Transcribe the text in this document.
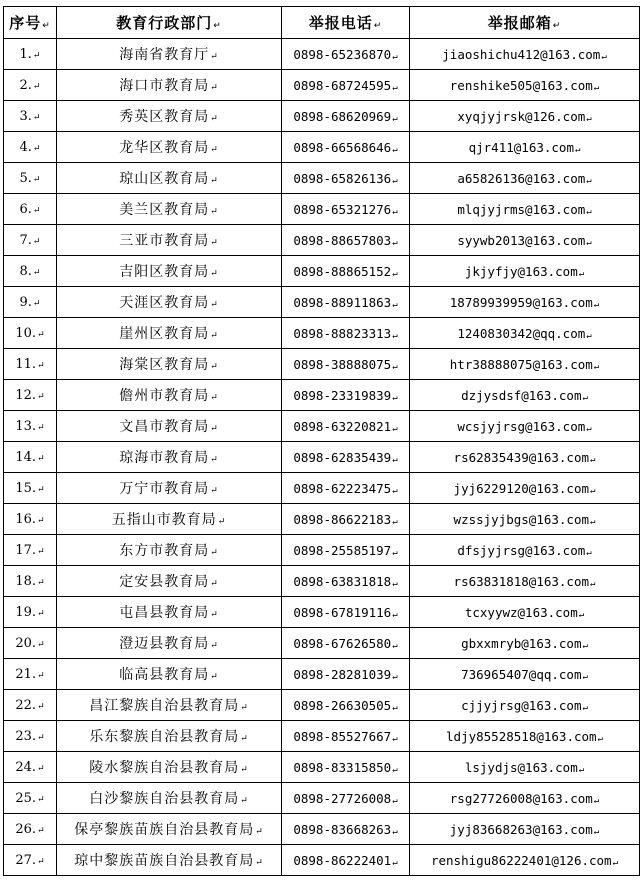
序号↵	教育行政部门↵	举报电话↵	举报邮箱↵
1.↵	海南省教育厅↵	0898-65236870↵	jiaoshichu412@163.com↵
2.↵	海口市教育局↵	0898-68724595↵	renshike505@163.com↵
3.↵	秀英区教育局↵	0898-68620969↵	xyqjyjrsk@126.com↵
4.↵	龙华区教育局↵	0898-66568646↵	qjr411@163.com↵
5.↵	琼山区教育局↵	0898-65826136↵	a65826136@163.com↵
6.↵	美兰区教育局↵	0898-65321276↵	mlqjyjrms@163.com↵
7.↵	三亚市教育局↵	0898-88657803↵	syywb2013@163.com↵
8.↵	吉阳区教育局↵	0898-88865152↵	jkjyfjy@163.com↵
9.↵	天涯区教育局↵	0898-88911863↵	18789939959@163.com↵
10.↵	崖州区教育局↵	0898-88823313↵	1240830342@qq.com↵
11.↵	海棠区教育局↵	0898-38888075↵	htr38888075@163.com↵
12.↵	儋州市教育局↵	0898-23319839↵	dzjysdsf@163.com↵
13.↵	文昌市教育局↵	0898-63220821↵	wcsjyjrsg@163.com↵
14.↵	琼海市教育局↵	0898-62835439↵	rs62835439@163.com↵
15.↵	万宁市教育局↵	0898-62223475↵	jyj6229120@163.com↵
16.↵	五指山市教育局↵	0898-86622183↵	wzssjyjbgs@163.com↵
17.↵	东方市教育局↵	0898-25585197↵	dfsjyjrsg@163.com↵
18.↵	定安县教育局↵	0898-63831818↵	rs63831818@163.com↵
19.↵	屯昌县教育局↵	0898-67819116↵	tcxyywz@163.com↵
20.↵	澄迈县教育局↵	0898-67626580↵	gbxxmryb@163.com↵
21.↵	临高县教育局↵	0898-28281039↵	736965407@qq.com↵
22.↵	昌江黎族自治县教育局↵	0898-26630505↵	cjjyjrsg@163.com↵
23.↵	乐东黎族自治县教育局↵	0898-85527667↵	ldjy85528518@163.com↵
24.↵	陵水黎族自治县教育局↵	0898-83315850↵	lsjydjs@163.com↵
25.↵	白沙黎族自治县教育局↵	0898-27726008↵	rsg27726008@163.com↵
26.↵	保亭黎族苗族自治县教育局↵	0898-83668263↵	jyj83668263@163.com↵
27.↵	琼中黎族苗族自治县教育局↵	0898-86222401↵	renshigu86222401@126.com↵
